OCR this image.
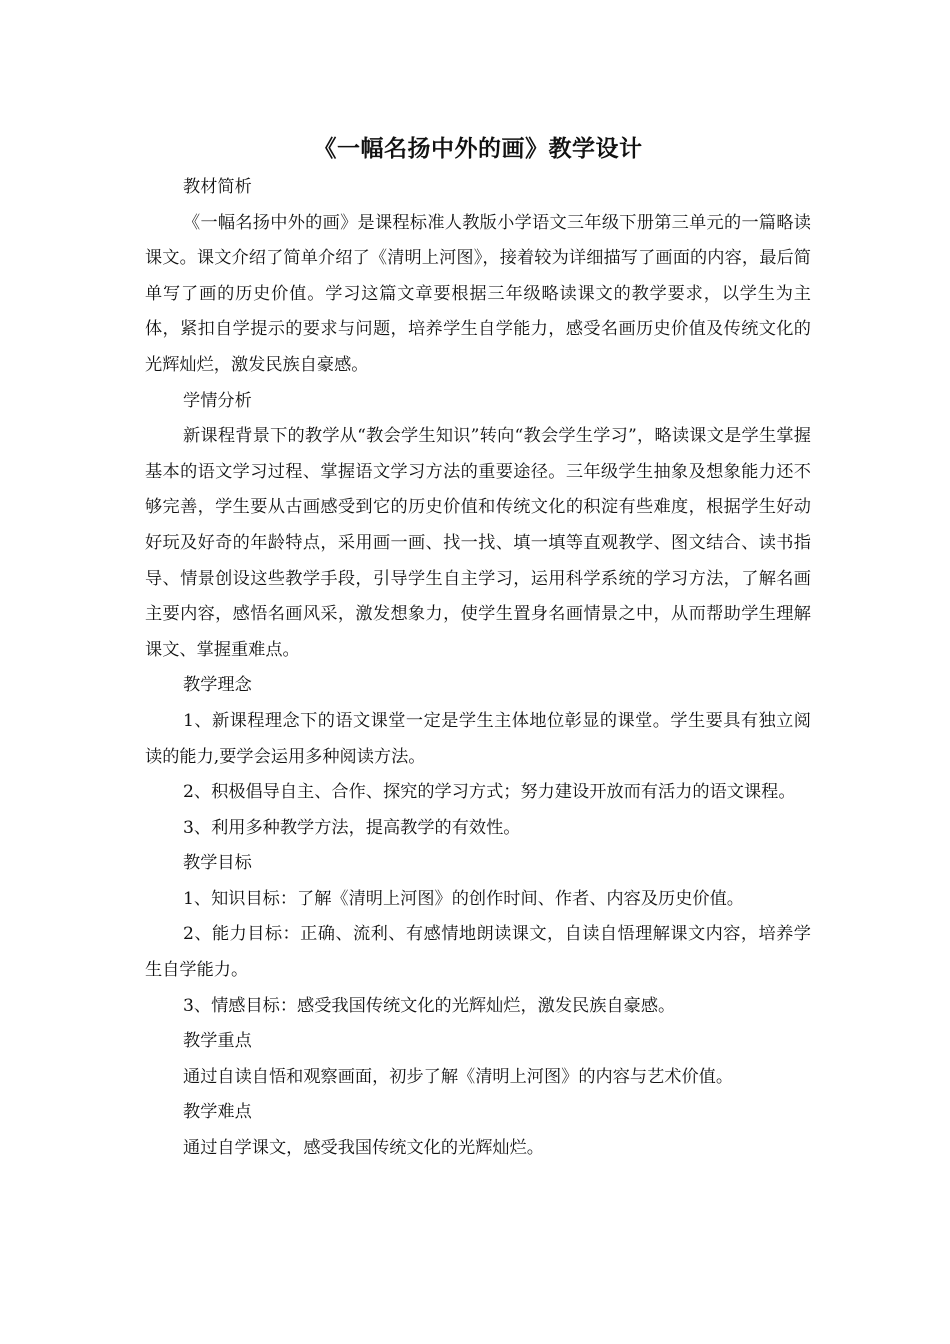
《一幅名扬中外的画》教学设计

教材简析

《一幅名扬中外的画》是课程标准人教版小学语文三年级下册第三单元的一篇略读课文。课文介绍了简单介绍了《清明上河图》，接着较为详细描写了画面的内容，最后简单写了画的历史价值。学习这篇文章要根据三年级略读课文的教学要求，以学生为主体，紧扣自学提示的要求与问题，培养学生自学能力，感受名画历史价值及传统文化的光辉灿烂，激发民族自豪感。

学情分析

新课程背景下的教学从“教会学生知识”转向“教会学生学习”，略读课文是学生掌握基本的语文学习过程、掌握语文学习方法的重要途径。三年级学生抽象及想象能力还不够完善，学生要从古画感受到它的历史价值和传统文化的积淀有些难度，根据学生好动好玩及好奇的年龄特点，采用画一画、找一找、填一填等直观教学、图文结合、读书指导、情景创设这些教学手段，引导学生自主学习，运用科学系统的学习方法，了解名画主要内容，感悟名画风采，激发想象力，使学生置身名画情景之中，从而帮助学生理解课文、掌握重难点。

教学理念

1、新课程理念下的语文课堂一定是学生主体地位彰显的课堂。学生要具有独立阅读的能力,要学会运用多种阅读方法。

2、积极倡导自主、合作、探究的学习方式；努力建设开放而有活力的语文课程。

3、利用多种教学方法，提高教学的有效性。

教学目标

1、知识目标：了解《清明上河图》的创作时间、作者、内容及历史价值。

2、能力目标：正确、流利、有感情地朗读课文，自读自悟理解课文内容，培养学生自学能力。

3、情感目标：感受我国传统文化的光辉灿烂，激发民族自豪感。

教学重点

通过自读自悟和观察画面，初步了解《清明上河图》的内容与艺术价值。

教学难点

通过自学课文，感受我国传统文化的光辉灿烂。
